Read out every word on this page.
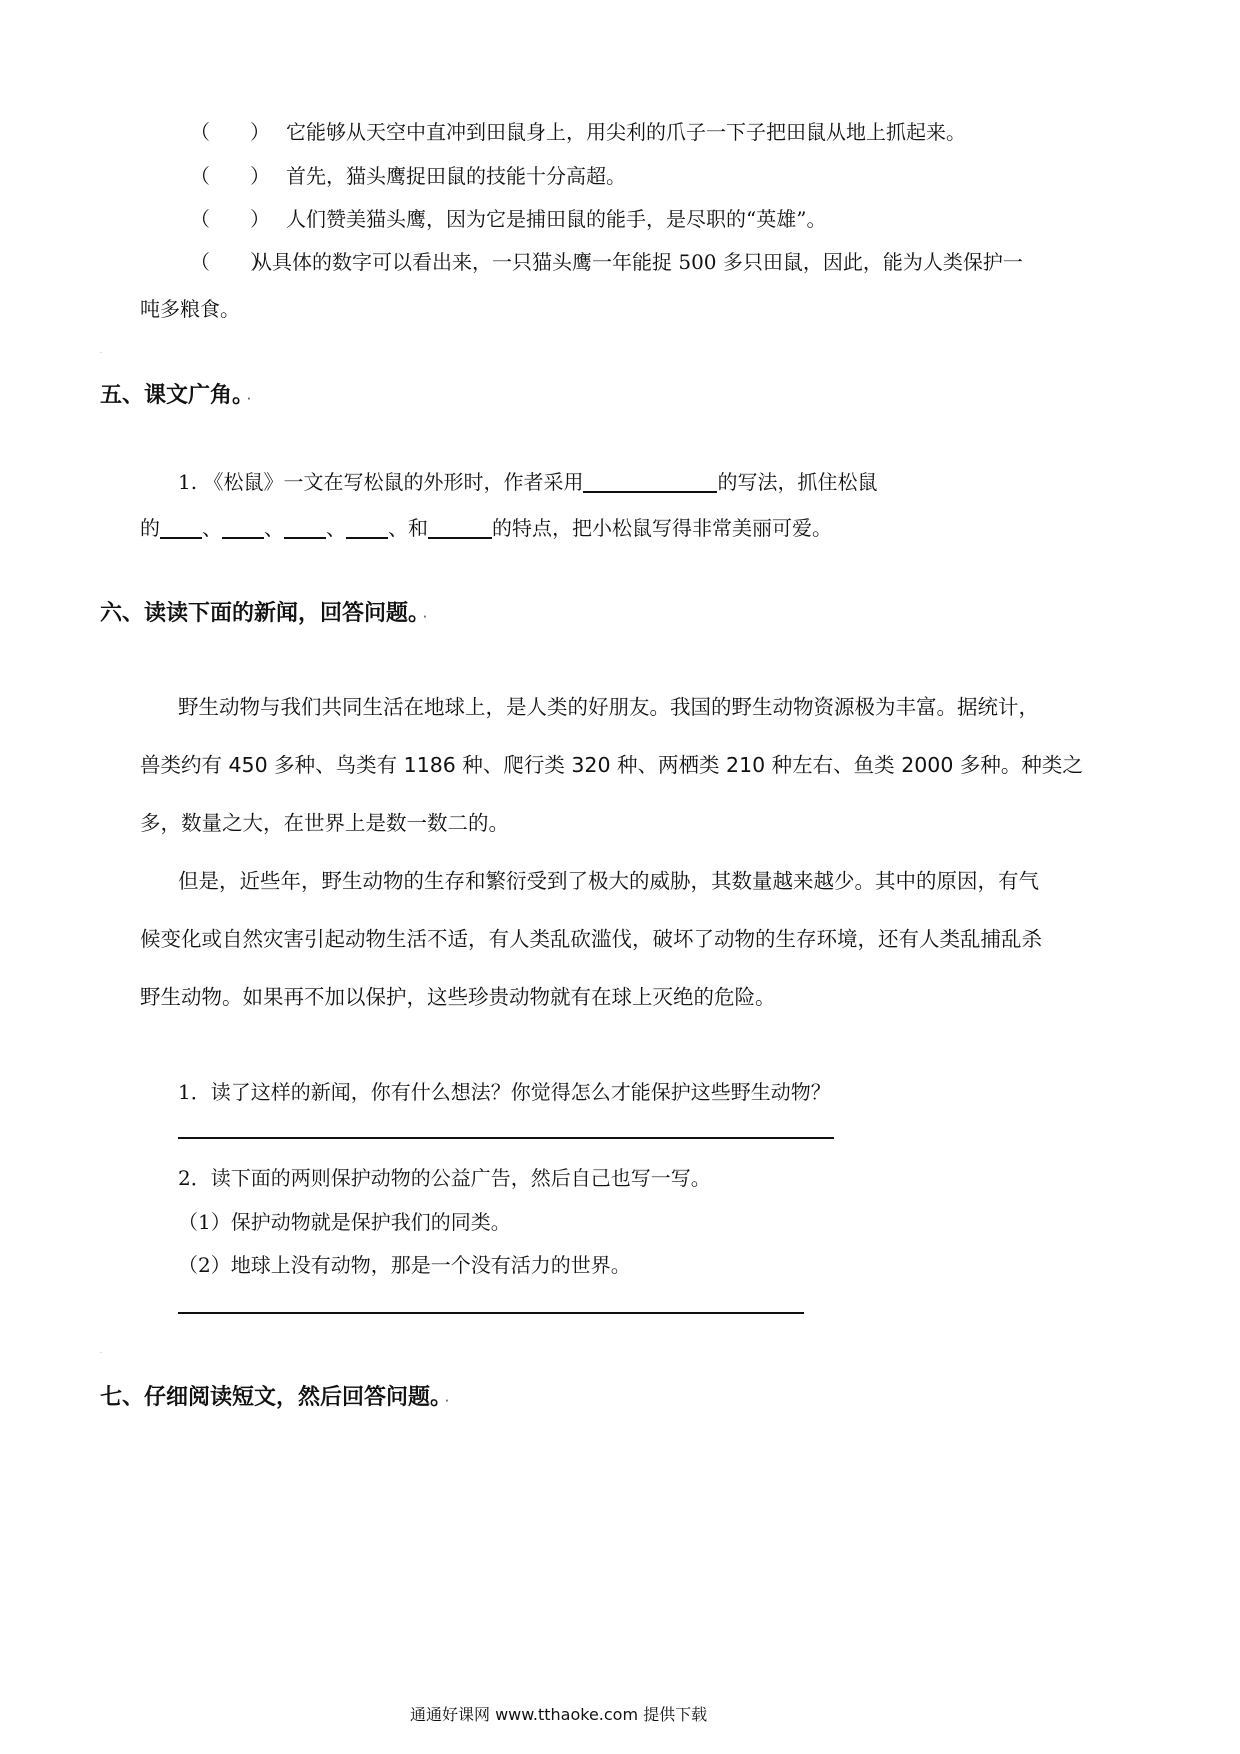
（　　） 它能够从天空中直冲到田鼠身上，用尖利的爪子一下子把田鼠从地上抓起来。
（　　） 首先，猫头鹰捉田鼠的技能十分高超。
（　　） 人们赞美猫头鹰，因为它是捕田鼠的能手，是尽职的“英雄”。
（　　）从具体的数字可以看出来，一只猫头鹰一年能捉 500 多只田鼠，因此，能为人类保护一
吨多粮食。
·
五、课文广角。 ·
1. 《松鼠》一文在写松鼠的外形时，作者采用	的写法，抓住松鼠
的 、 、 、 、和	的特点，把小松鼠写得非常美丽可爱。
六、读读下面的新闻，回答问题。 ·
野生动物与我们共同生活在地球上，是人类的好朋友。我国的野生动物资源极为丰富。据统计，
兽类约有 450 多种、鸟类有 1186 种、爬行类 320 种、两栖类 210 种左右、鱼类 2000 多种。种类之
多，数量之大，在世界上是数一数二的。
但是，近些年，野生动物的生存和繁衍受到了极大的威胁，其数量越来越少。其中的原因，有气
候变化或自然灾害引起动物生活不适，有人类乱砍滥伐，破坏了动物的生存环境，还有人类乱捕乱杀
野生动物。如果再不加以保护，这些珍贵动物就有在球上灭绝的危险。
1．读了这样的新闻，你有什么想法？你觉得怎么才能保护这些野生动物？
2．读下面的两则保护动物的公益广告，然后自己也写一写。
（1）保护动物就是保护我们的同类。
（2）地球上没有动物，那是一个没有活力的世界。
·
七、仔细阅读短文，然后回答问题。 ·
通通好课网 www.tthaoke.com 提供下载
